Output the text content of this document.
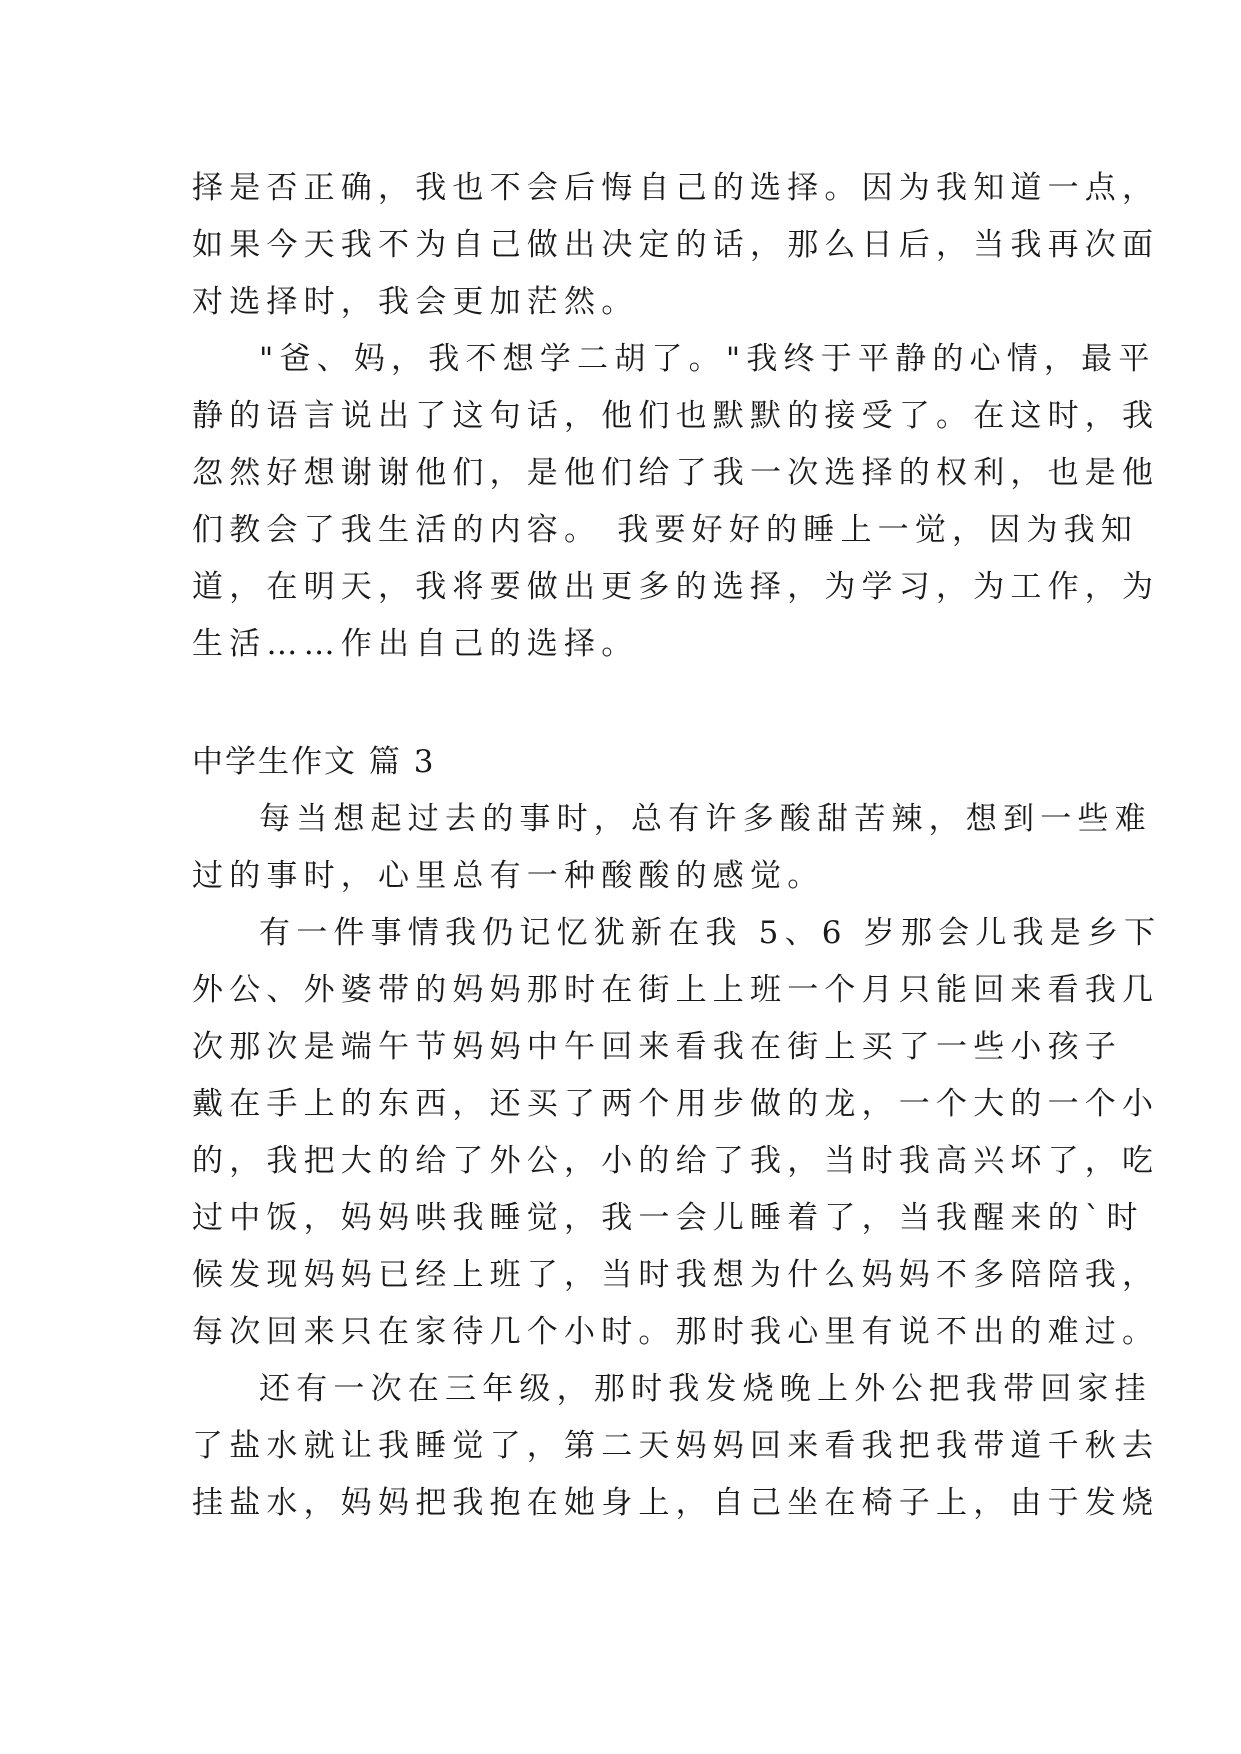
择是否正确，我也不会后悔自己的选择。因为我知道一点，

如果今天我不为自己做出决定的话，那么日后，当我再次面

对选择时，我会更加茫然。

"爸、妈，我不想学二胡了。"我终于平静的心情，最平

静的语言说出了这句话，他们也默默的接受了。在这时，我

忽然好想谢谢他们，是他们给了我一次选择的权利，也是他

们教会了我生活的内容。 我要好好的睡上一觉，因为我知

道，在明天，我将要做出更多的选择，为学习，为工作，为

生活……作出自己的选择。

中学生作文 篇 3

每当想起过去的事时，总有许多酸甜苦辣，想到一些难

过的事时，心里总有一种酸酸的感觉。

有一件事情我仍记忆犹新在我 5、6 岁那会儿我是乡下

外公、外婆带的妈妈那时在街上上班一个月只能回来看我几

次那次是端午节妈妈中午回来看我在街上买了一些小孩子

戴在手上的东西，还买了两个用步做的龙，一个大的一个小

的，我把大的给了外公，小的给了我，当时我高兴坏了，吃

过中饭，妈妈哄我睡觉，我一会儿睡着了，当我醒来的`时

候发现妈妈已经上班了，当时我想为什么妈妈不多陪陪我，

每次回来只在家待几个小时。那时我心里有说不出的难过。

还有一次在三年级，那时我发烧晚上外公把我带回家挂

了盐水就让我睡觉了，第二天妈妈回来看我把我带道千秋去

挂盐水，妈妈把我抱在她身上，自己坐在椅子上，由于发烧
